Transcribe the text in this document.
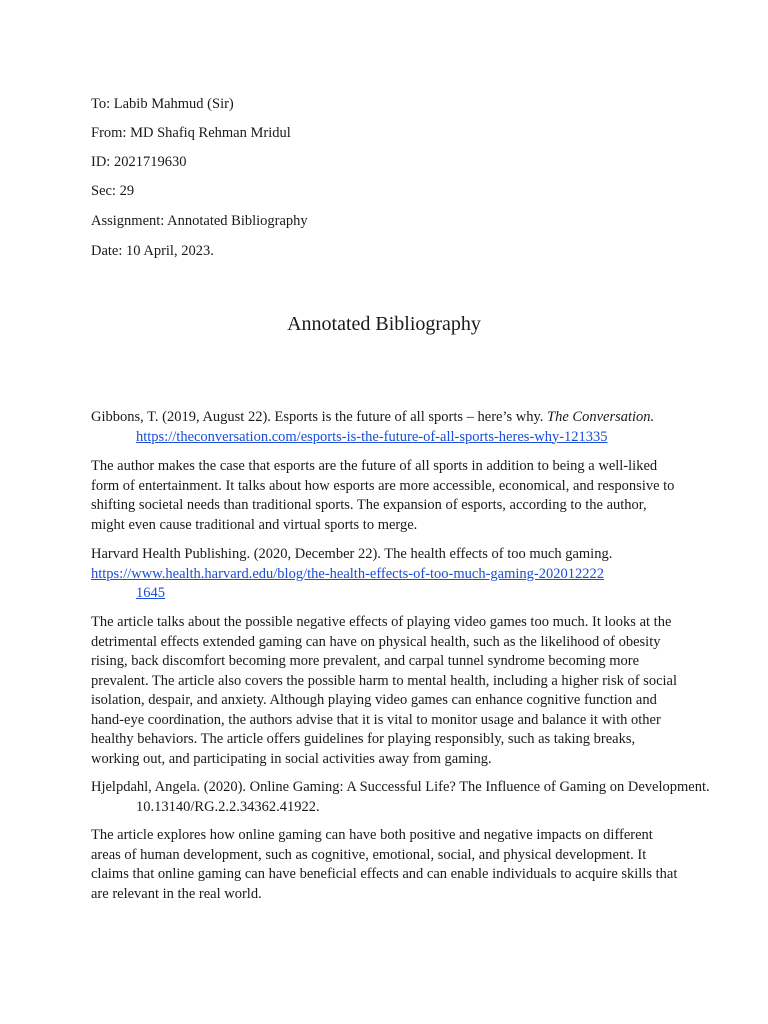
To: Labib Mahmud (Sir)
From: MD Shafiq Rehman Mridul
ID: 2021719630
Sec: 29
Assignment: Annotated Bibliography
Date: 10 April, 2023.
Annotated Bibliography
Gibbons, T. (2019, August 22). Esports is the future of all sports – here’s why. The Conversation.
https://theconversation.com/esports-is-the-future-of-all-sports-heres-why-121335
The author makes the case that esports are the future of all sports in addition to being a well-liked form of entertainment. It talks about how esports are more accessible, economical, and responsive to shifting societal needs than traditional sports. The expansion of esports, according to the author, might even cause traditional and virtual sports to merge.
Harvard Health Publishing. (2020, December 22). The health effects of too much gaming.
https://www.health.harvard.edu/blog/the-health-effects-of-too-much-gaming-2020122221645
The article talks about the possible negative effects of playing video games too much. It looks at the detrimental effects extended gaming can have on physical health, such as the likelihood of obesity rising, back discomfort becoming more prevalent, and carpal tunnel syndrome becoming more prevalent. The article also covers the possible harm to mental health, including a higher risk of social isolation, despair, and anxiety. Although playing video games can enhance cognitive function and hand-eye coordination, the authors advise that it is vital to monitor usage and balance it with other healthy behaviors. The article offers guidelines for playing responsibly, such as taking breaks, working out, and participating in social activities away from gaming.
Hjelpdahl, Angela. (2020). Online Gaming: A Successful Life? The Influence of Gaming on Development. 10.13140/RG.2.2.34362.41922.
The article explores how online gaming can have both positive and negative impacts on different areas of human development, such as cognitive, emotional, social, and physical development. It claims that online gaming can have beneficial effects and can enable individuals to acquire skills that are relevant in the real world.
